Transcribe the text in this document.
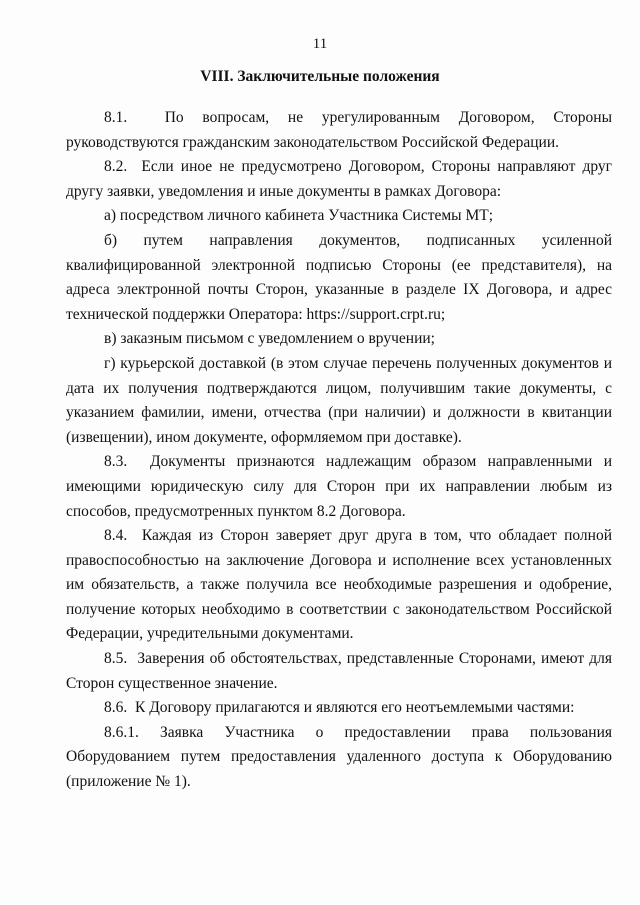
11
VIII. Заключительные положения

8.1.  По вопросам, не урегулированным Договором, Стороны руководствуются гражданским законодательством Российской Федерации.

8.2.  Если иное не предусмотрено Договором, Стороны направляют друг другу заявки, уведомления и иные документы в рамках Договора:

а) посредством личного кабинета Участника Системы МТ;

б) путем направления документов, подписанных усиленной квалифицированной электронной подписью Стороны (ее представителя), на адреса электронной почты Сторон, указанные в разделе IX Договора, и адрес технической поддержки Оператора: https://support.crpt.ru;

в) заказным письмом с уведомлением о вручении;

г) курьерской доставкой (в этом случае перечень полученных документов и дата их получения подтверждаются лицом, получившим такие документы, с указанием фамилии, имени, отчества (при наличии) и должности в квитанции (извещении), ином документе, оформляемом при доставке).

8.3.  Документы признаются надлежащим образом направленными и имеющими юридическую силу для Сторон при их направлении любым из способов, предусмотренных пунктом 8.2 Договора.

8.4.  Каждая из Сторон заверяет друг друга в том, что обладает полной правоспособностью на заключение Договора и исполнение всех установленных им обязательств, а также получила все необходимые разрешения и одобрение, получение которых необходимо в соответствии с законодательством Российской Федерации, учредительными документами.

8.5.  Заверения об обстоятельствах, представленные Сторонами, имеют для Сторон существенное значение.

8.6.  К Договору прилагаются и являются его неотъемлемыми частями:

8.6.1. Заявка Участника о предоставлении права пользования Оборудованием путем предоставления удаленного доступа к Оборудованию (приложение № 1).
